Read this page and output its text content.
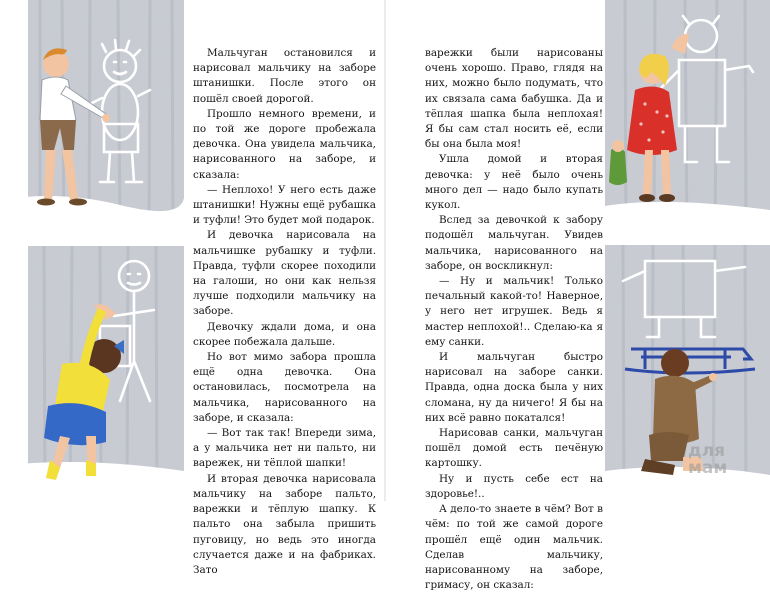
Мальчуган остановился и нарисовал мальчику на заборе штанишки. После этого он пошёл своей дорогой.

Прошло немного времени, и по той же дороге пробежала девочка. Она увидела мальчика, нарисованного на заборе, и сказала:

— Неплохо! У него есть даже штанишки! Нужны ещё рубашка и туфли! Это будет мой подарок.

И девочка нарисовала на мальчишке рубашку и туфли. Правда, туфли скорее походили на галоши, но они как нельзя лучше подходили мальчику на заборе.

Девочку ждали дома, и она скорее побежала дальше.

Но вот мимо забора прошла ещё одна девочка. Она остановилась, посмотрела на мальчика, нарисованного на заборе, и сказала:

— Вот так так! Впереди зима, а у мальчика нет ни пальто, ни варежек, ни тёплой шапки!

И вторая девочка нарисовала мальчику на заборе пальто, варежки и тёплую шапку. К пальто она забыла пришить пуговицу, но ведь это иногда случается даже и на фабриках. Зато

варежки были нарисованы очень хорошо. Право, глядя на них, можно было подумать, что их связала сама бабушка. Да и тёплая шапка была неплохая! Я бы сам стал носить её, если бы она была моя!

Ушла домой и вторая девочка: у неё было очень много дел — надо было купать кукол.

Вслед за девочкой к забору подошёл мальчуган. Увидев мальчика, нарисованного на заборе, он воскликнул:

— Ну и мальчик! Только печальный какой-то! Наверное, у него нет игрушек. Ведь я мастер неплохой!.. Сделаю-ка я ему санки.

И мальчуган быстро нарисовал на заборе санки. Правда, одна доска была у них сломана, ну да ничего! Я бы на них всё равно покатался!

Нарисовав санки, мальчуган пошёл домой есть печёную картошку.

Ну и пусть себе ест на здоровье!..

А дело-то знаете в чём? Вот в чём: по той же самой дороге прошёл ещё один мальчик. Сделав мальчику, нарисованному на заборе, гримасу, он сказал:

для
мам
